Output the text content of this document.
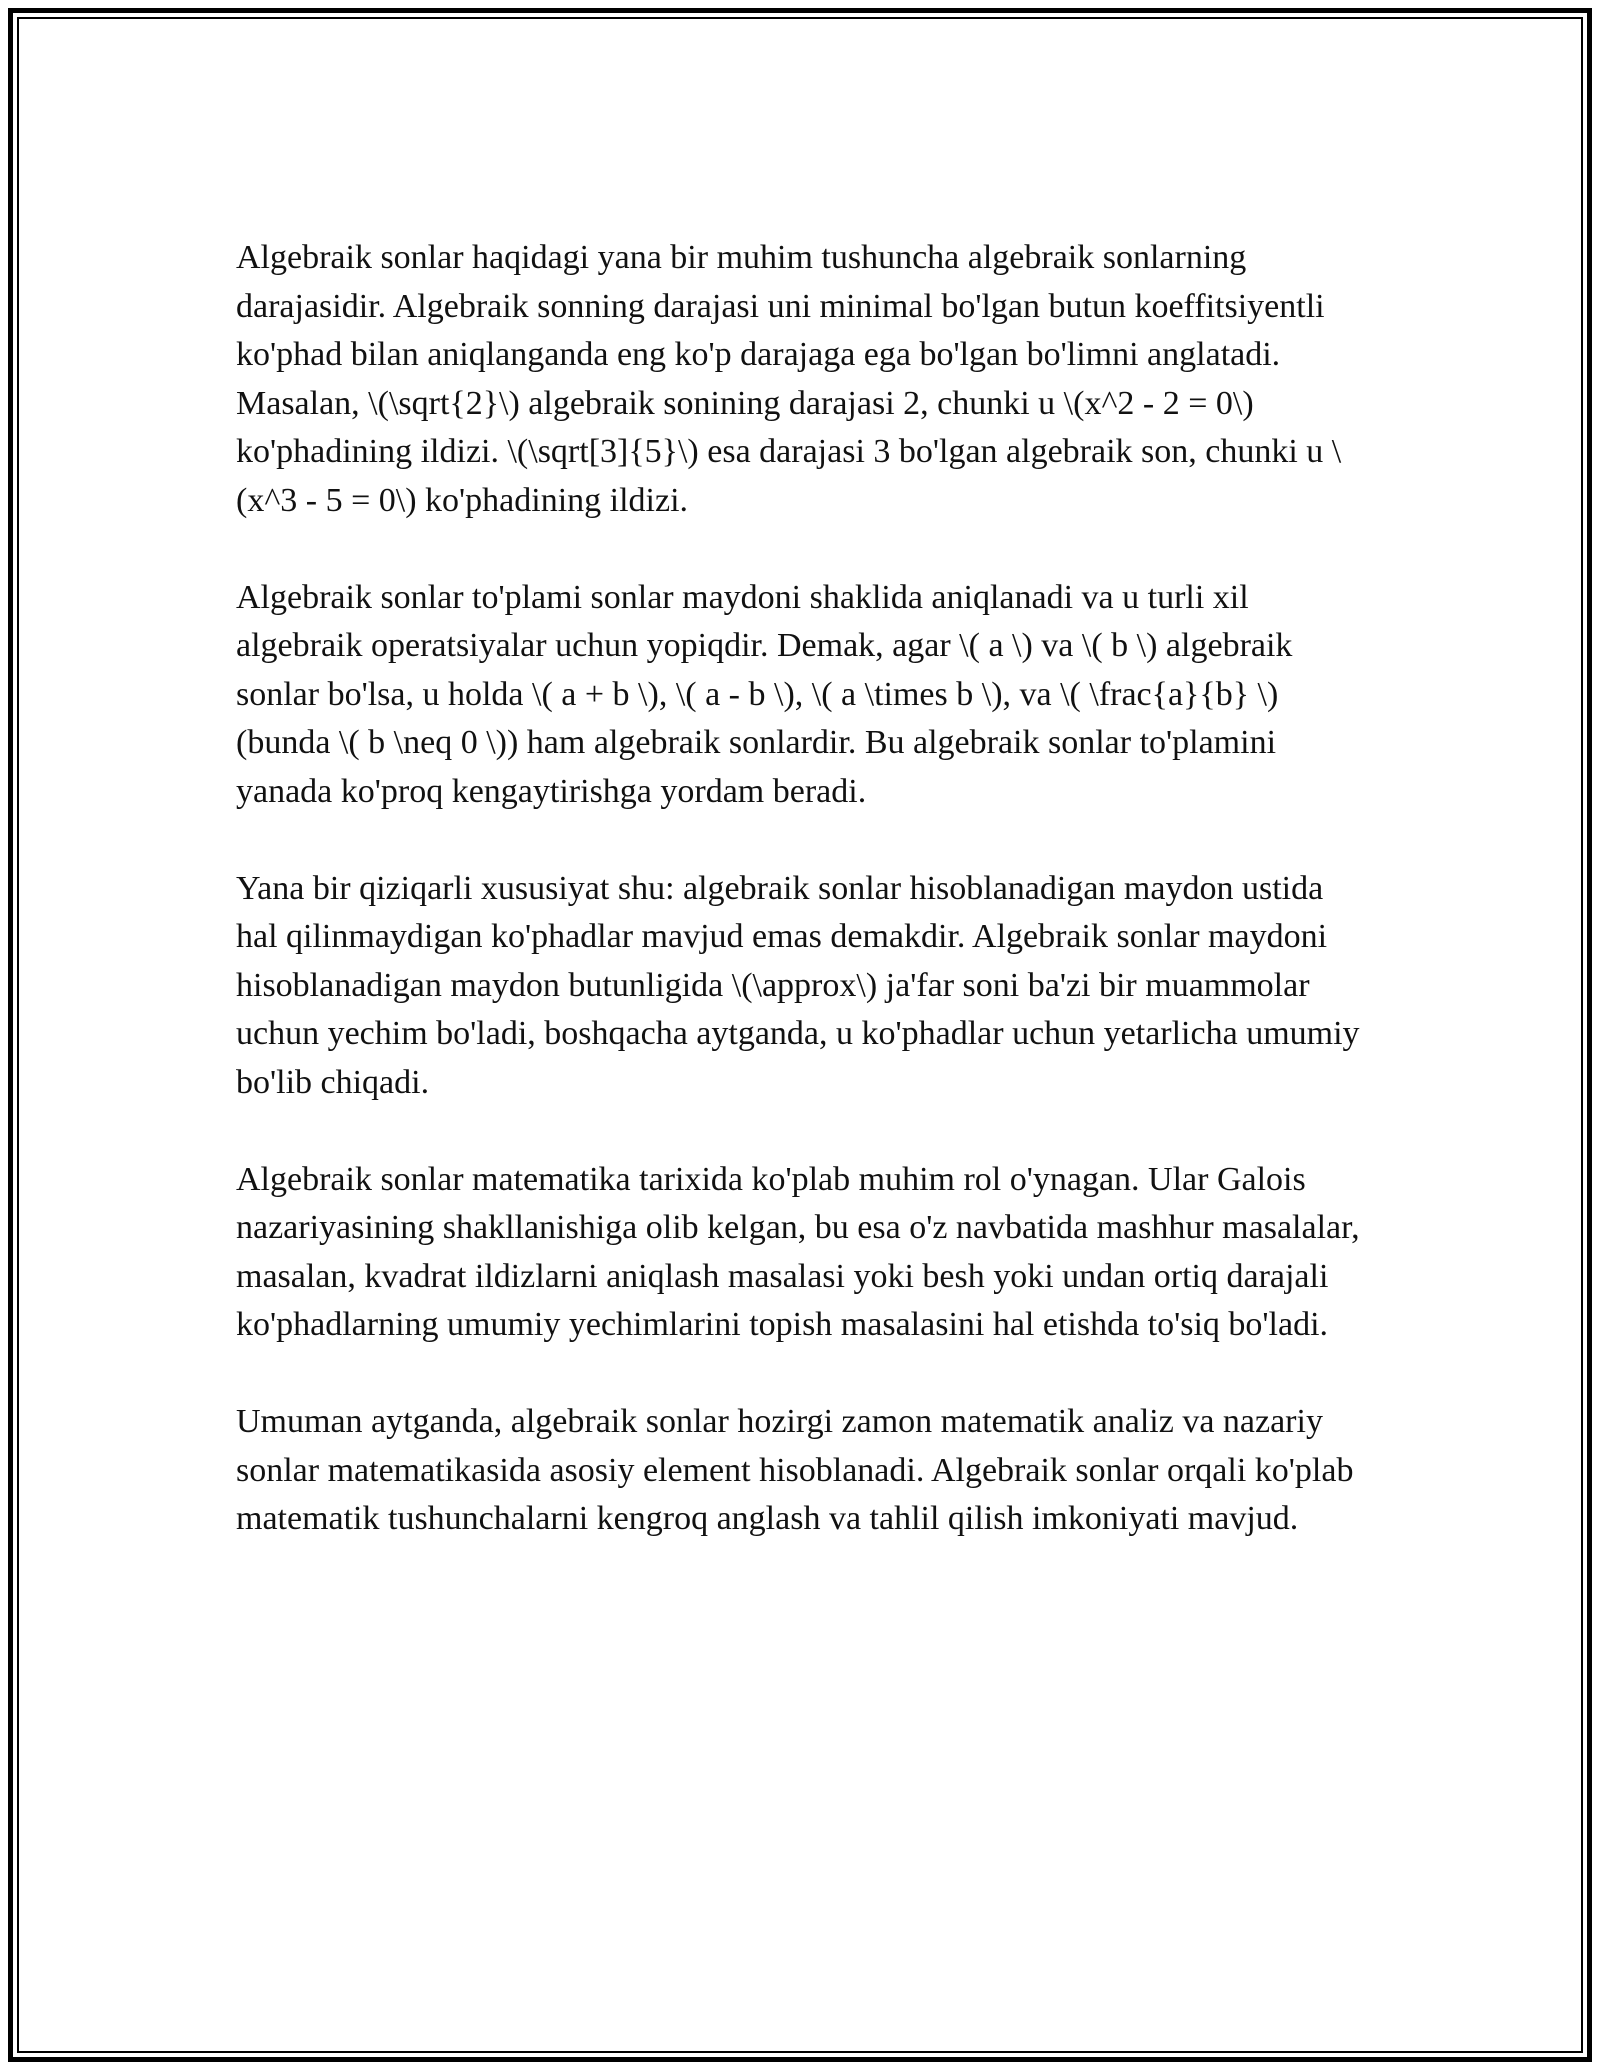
Algebraik sonlar haqidagi yana bir muhim tushuncha algebraik sonlarning darajasidir. Algebraik sonning darajasi uni minimal bo'lgan butun koeffitsiyentli ko'phad bilan aniqlanganda eng ko'p darajaga ega bo'lgan bo'limni anglatadi. Masalan, \(\sqrt{2}\) algebraik sonining darajasi 2, chunki u \(x^2 - 2 = 0\) ko'phadining ildizi. \(\sqrt[3]{5}\) esa darajasi 3 bo'lgan algebraik son, chunki u \(x^3 - 5 = 0\) ko'phadining ildizi.

Algebraik sonlar to'plami sonlar maydoni shaklida aniqlanadi va u turli xil algebraik operatsiyalar uchun yopiqdir. Demak, agar \( a \) va \( b \) algebraik sonlar bo'lsa, u holda \( a + b \), \( a - b \), \( a \times b \), va \( \frac{a}{b} \) (bunda \( b \neq 0 \)) ham algebraik sonlardir. Bu algebraik sonlar to'plamini yanada ko'proq kengaytirishga yordam beradi.

Yana bir qiziqarli xususiyat shu: algebraik sonlar hisoblanadigan maydon ustida hal qilinmaydigan ko'phadlar mavjud emas demakdir. Algebraik sonlar maydoni hisoblanadigan maydon butunligida \(\approx\) ja'far soni ba'zi bir muammolar uchun yechim bo'ladi, boshqacha aytganda, u ko'phadlar uchun yetarlicha umumiy bo'lib chiqadi.

Algebraik sonlar matematika tarixida ko'plab muhim rol o'ynagan. Ular Galois nazariyasining shakllanishiga olib kelgan, bu esa o'z navbatida mashhur masalalar, masalan, kvadrat ildizlarni aniqlash masalasi yoki besh yoki undan ortiq darajali ko'phadlarning umumiy yechimlarini topish masalasini hal etishda to'siq bo'ladi.

Umuman aytganda, algebraik sonlar hozirgi zamon matematik analiz va nazariy sonlar matematikasida asosiy element hisoblanadi. Algebraik sonlar orqali ko'plab matematik tushunchalarni kengroq anglash va tahlil qilish imkoniyati mavjud.
